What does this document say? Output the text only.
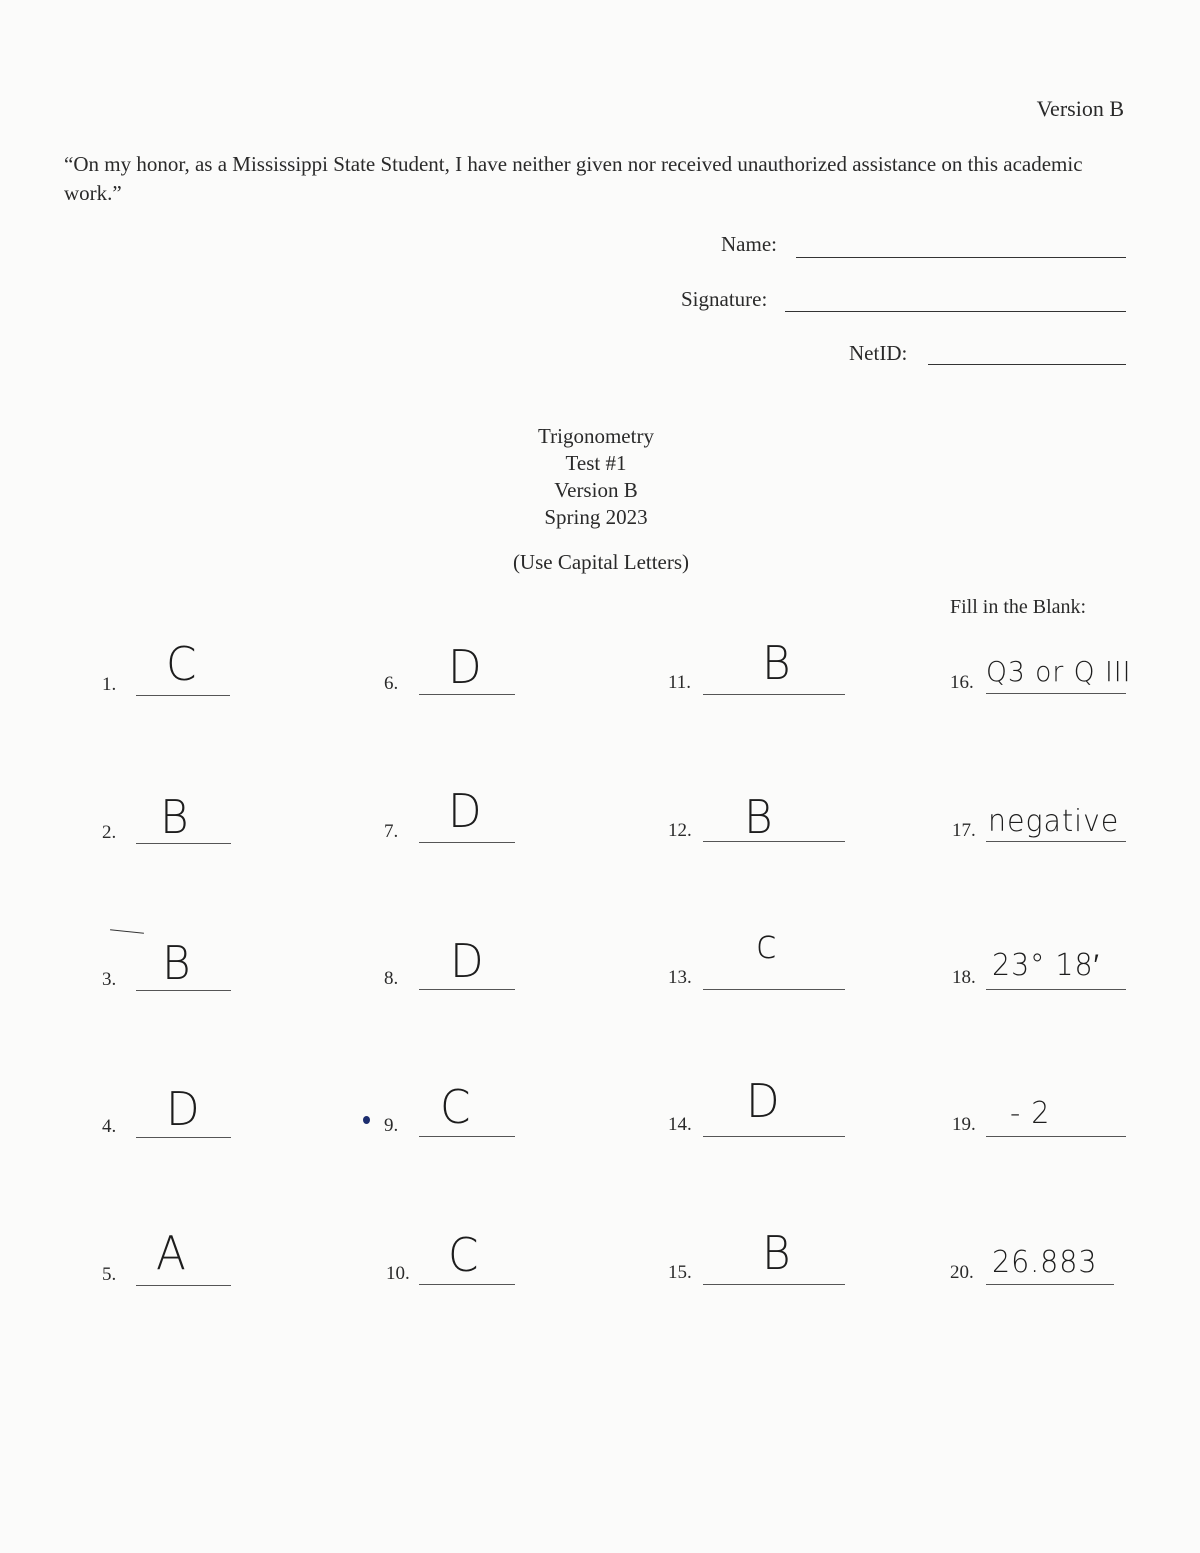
Version B
“On my honor, as a Mississippi State Student, I have neither given nor received unauthorized assistance on this academic work.”
Name:
Signature:
NetID:
Trigonometry
Test #1
Version B
Spring 2023
(Use Capital Letters)
Fill in the Blank:
1. C
2. B
3. B
4. D
5. A
6. D
7. D
8. D
9. C
10. C
11. B
12. B
13.
c
14. D
15. B
16. Q3 or Q III
17. negative
18. 23° 18′
19. - 2
20. 26.883
